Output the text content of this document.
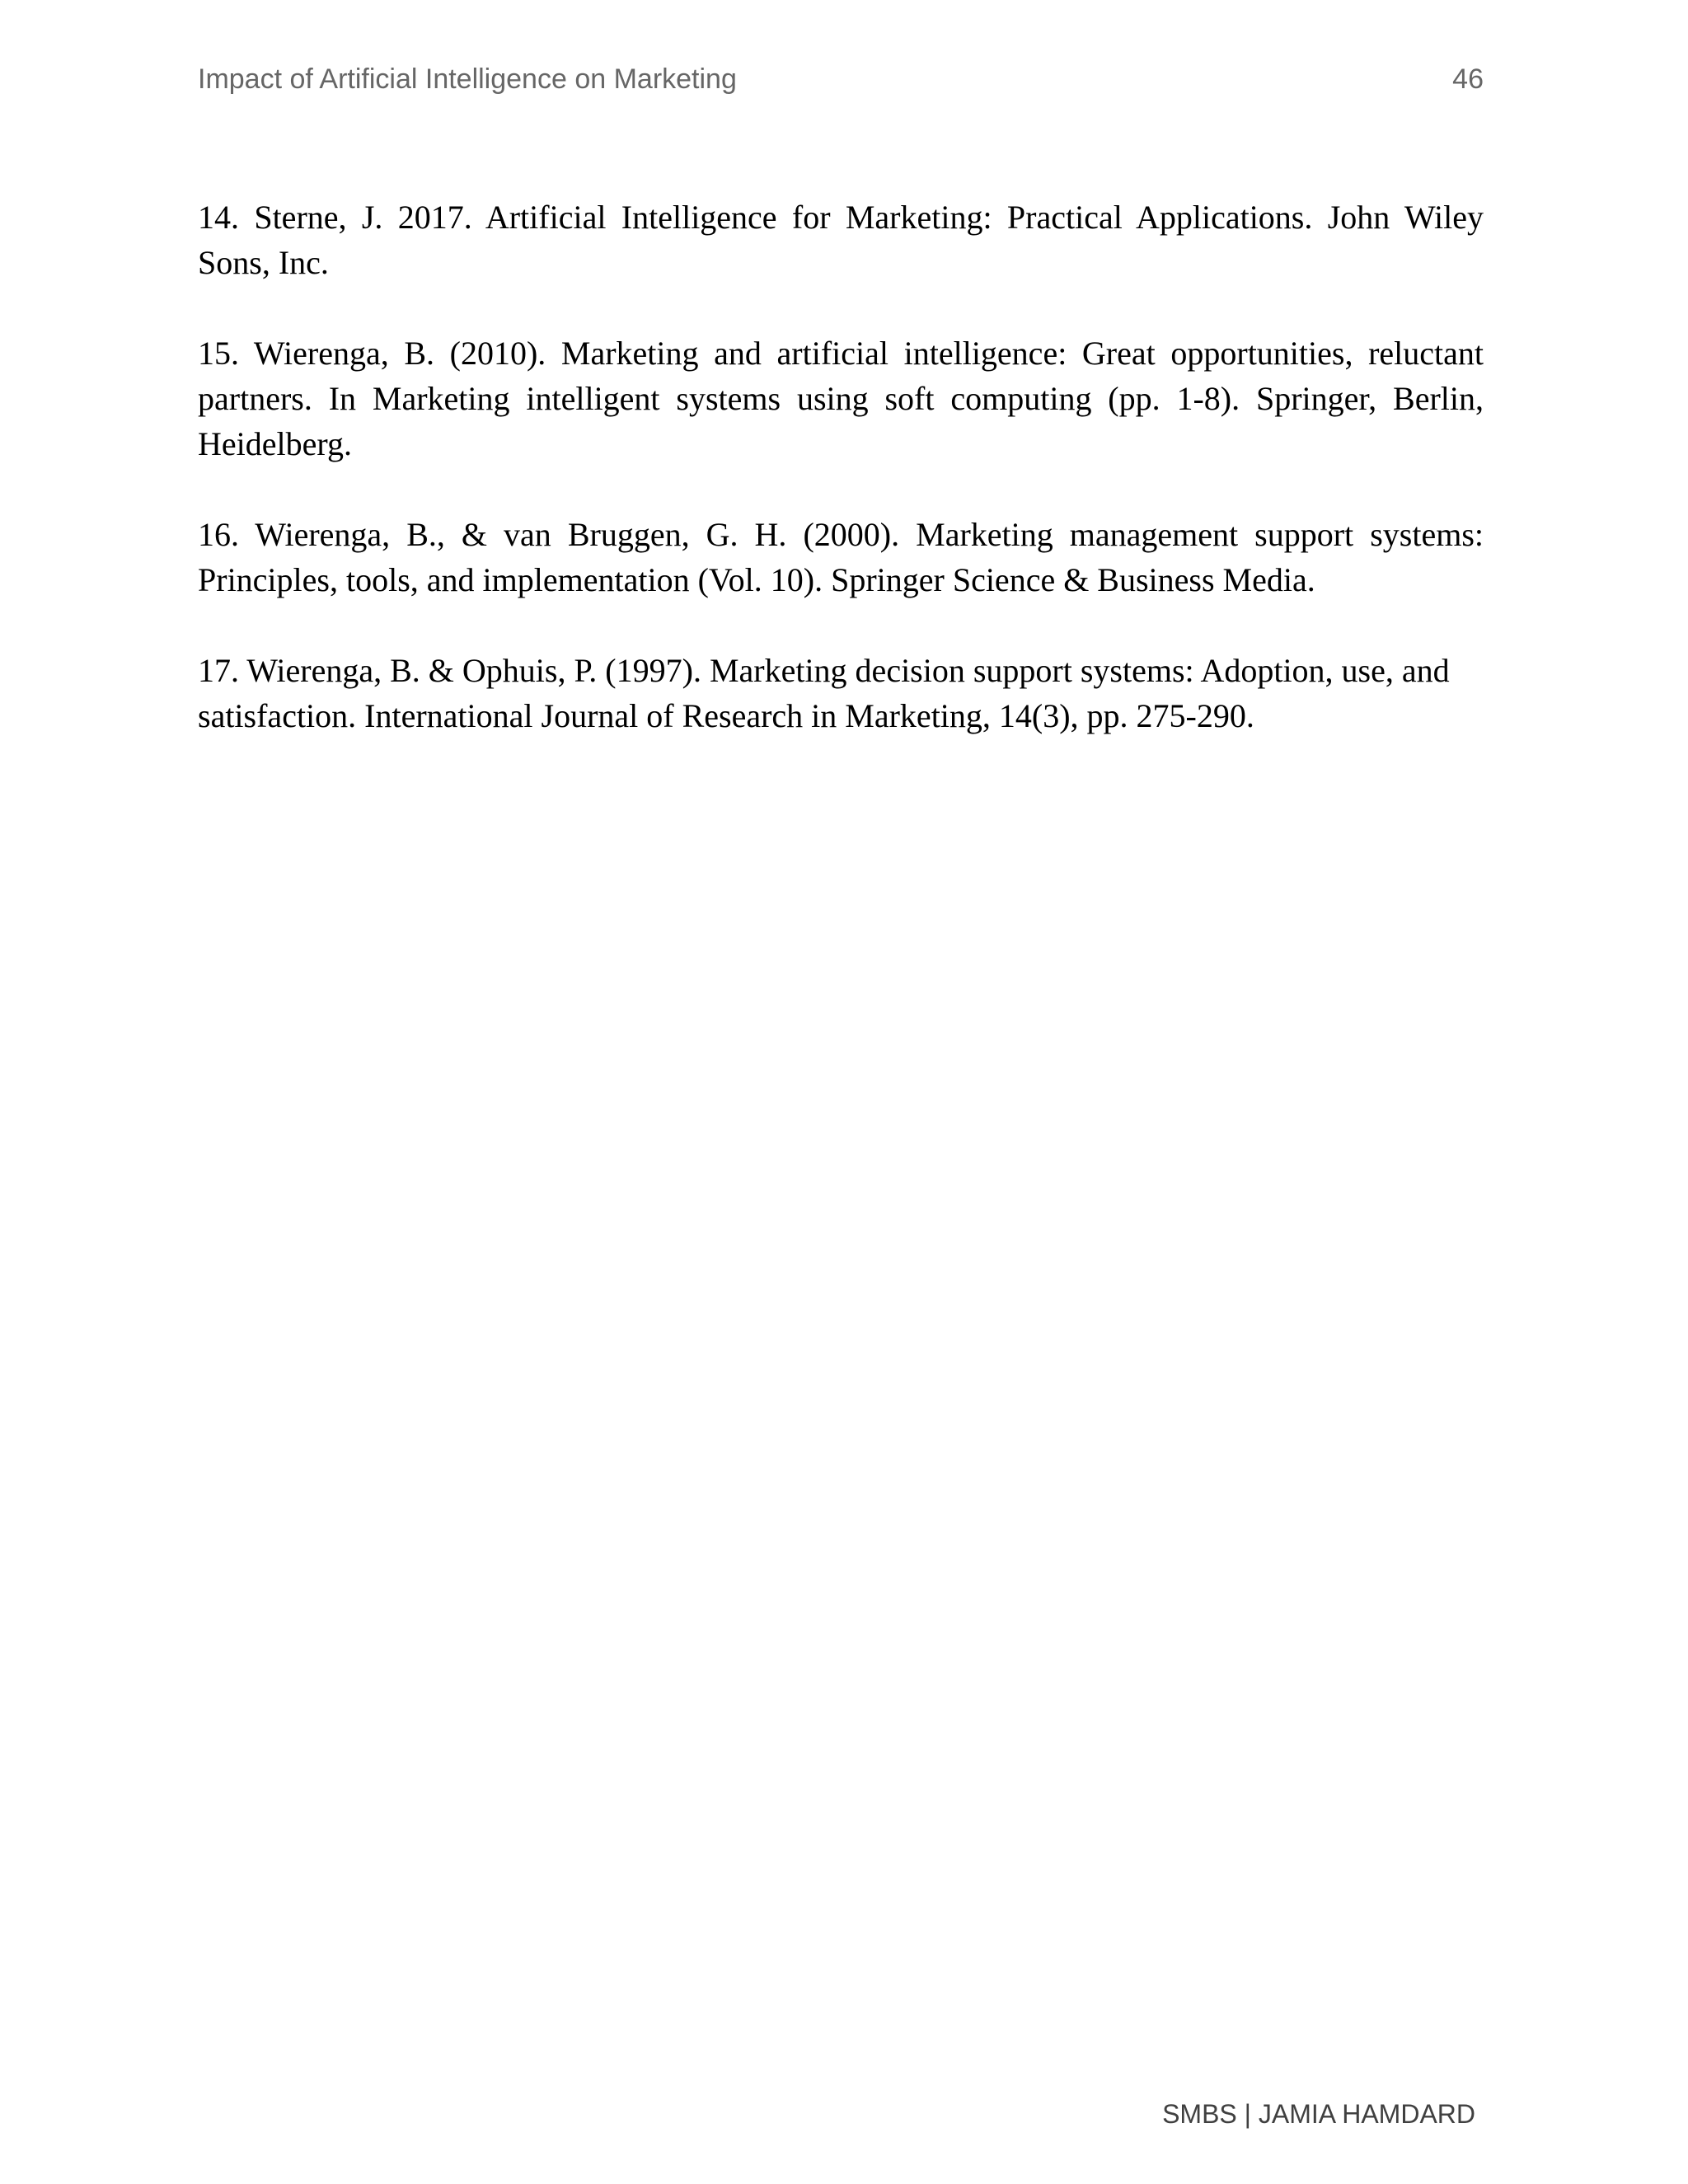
Impact of Artificial Intelligence on Marketing	46

14. Sterne, J. 2017. Artificial Intelligence for Marketing: Practical Applications. John Wiley Sons, Inc.

15. Wierenga, B. (2010). Marketing and artificial intelligence: Great opportunities, reluctant partners. In Marketing intelligent systems using soft computing (pp. 1-8). Springer, Berlin, Heidelberg.

16. Wierenga, B., & van Bruggen, G. H. (2000). Marketing management support systems: Principles, tools, and implementation (Vol. 10). Springer Science & Business Media.

17. Wierenga, B. & Ophuis, P. (1997). Marketing decision support systems: Adoption, use, and satisfaction. International Journal of Research in Marketing, 14(3), pp. 275-290.

SMBS | JAMIA HAMDARD
